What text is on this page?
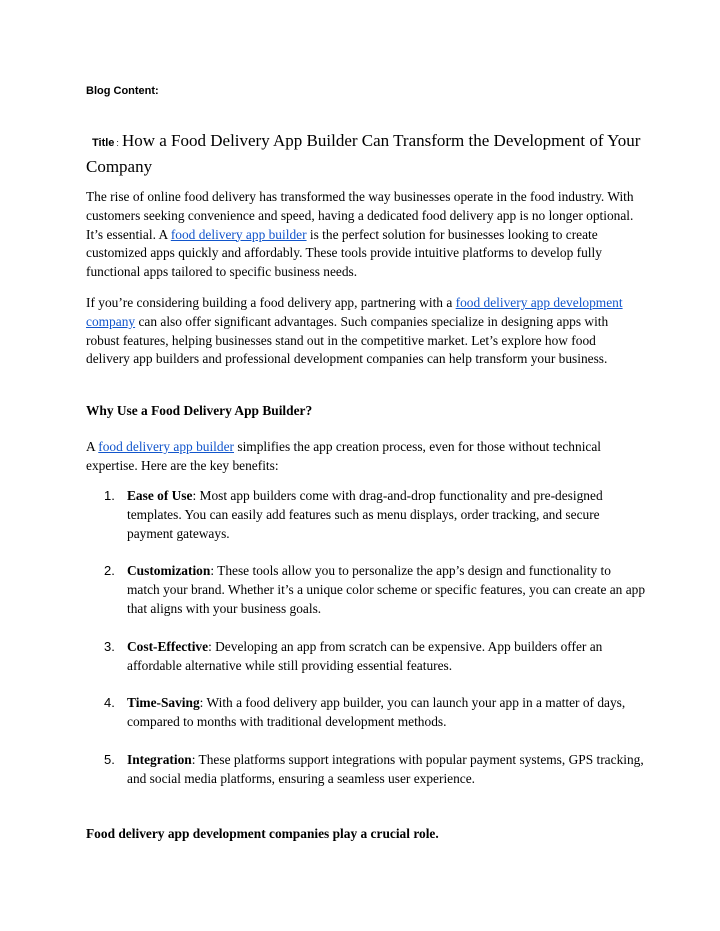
Blog Content:
Title : How a Food Delivery App Builder Can Transform the Development of Your Company

The rise of online food delivery has transformed the way businesses operate in the food industry. With customers seeking convenience and speed, having a dedicated food delivery app is no longer optional. It’s essential. A food delivery app builder is the perfect solution for businesses looking to create customized apps quickly and affordably. These tools provide intuitive platforms to develop fully functional apps tailored to specific business needs.

If you’re considering building a food delivery app, partnering with a food delivery app development company can also offer significant advantages. Such companies specialize in designing apps with robust features, helping businesses stand out in the competitive market. Let’s explore how food delivery app builders and professional development companies can help transform your business.

Why Use a Food Delivery App Builder?

A food delivery app builder simplifies the app creation process, even for those without technical expertise. Here are the key benefits:

1. Ease of Use: Most app builders come with drag-and-drop functionality and pre-designed templates. You can easily add features such as menu displays, order tracking, and secure payment gateways.
2. Customization: These tools allow you to personalize the app’s design and functionality to match your brand. Whether it’s a unique color scheme or specific features, you can create an app that aligns with your business goals.
3. Cost-Effective: Developing an app from scratch can be expensive. App builders offer an affordable alternative while still providing essential features.
4. Time-Saving: With a food delivery app builder, you can launch your app in a matter of days, compared to months with traditional development methods.
5. Integration: These platforms support integrations with popular payment systems, GPS tracking, and social media platforms, ensuring a seamless user experience.
Food delivery app development companies play a crucial role.
